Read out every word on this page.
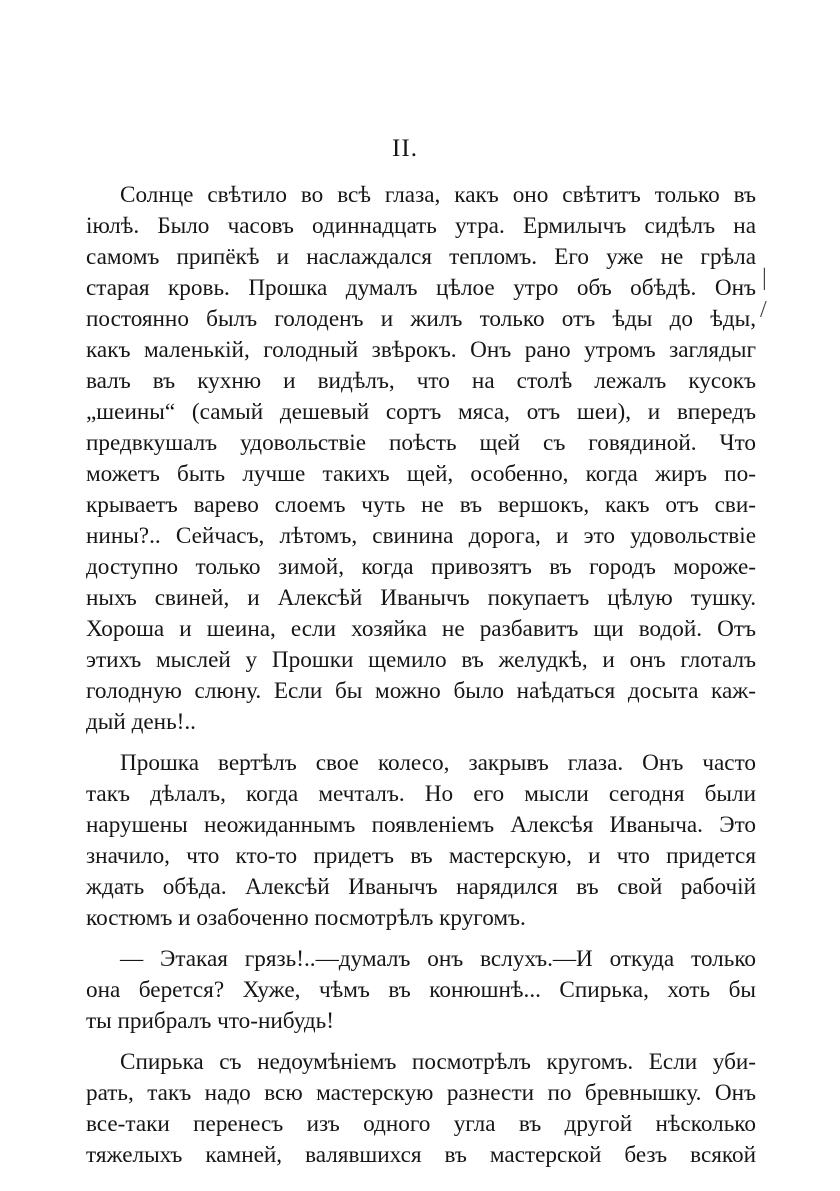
II.
Солнце свѣтило во всѣ глаза, какъ оно свѣтитъ только въ
іюлѣ. Было часовъ одиннадцать утра. Ермилычъ сидѣлъ на
самомъ припёкѣ и наслаждался тепломъ. Его уже не грѣла
старая кровь. Прошка думалъ цѣлое утро объ обѣдѣ. Онъ
постоянно былъ голоденъ и жилъ только отъ ѣды до ѣды,
какъ маленькій, голодный звѣрокъ. Онъ рано утромъ заглядыг
валъ въ кухню и видѣлъ, что на столѣ лежалъ кусокъ
„шеины“ (самый дешевый сортъ мяса, отъ шеи), и впередъ
предвкушалъ удовольствіе поѣсть щей съ говядиной. Что
можетъ быть лучше такихъ щей, особенно, когда жиръ по-
крываетъ варево слоемъ чуть не въ вершокъ, какъ отъ сви-
нины?.. Сейчасъ, лѣтомъ, свинина дорога, и это удовольствіе
доступно только зимой, когда привозятъ въ городъ мороже-
ныхъ свиней, и Алексѣй Иванычъ покупаетъ цѣлую тушку.
Хороша и шеина, если хозяйка не разбавитъ щи водой. Отъ
этихъ мыслей у Прошки щемило въ желудкѣ, и онъ глоталъ
голодную слюну. Если бы можно было наѣдаться досыта каж-
дый день!..
Прошка вертѣлъ свое колесо, закрывъ глаза. Онъ часто
такъ дѣлалъ, когда мечталъ. Но его мысли сегодня были
нарушены неожиданнымъ появленіемъ Алексѣя Иваныча. Это
значило, что кто-то придетъ въ мастерскую, и что придется
ждать обѣда. Алексѣй Иванычъ нарядился въ свой рабочій
костюмъ и озабоченно посмотрѣлъ кругомъ.
— Этакая грязь!..—думалъ онъ вслухъ.—И откуда только
она берется? Хуже, чѣмъ въ конюшнѣ... Спирька, хоть бы
ты прибралъ что-нибудь!
Спирька съ недоумѣніемъ посмотрѣлъ кругомъ. Если уби-
рать, такъ надо всю мастерскую разнести по бревнышку. Онъ
все-таки перенесъ изъ одного угла въ другой нѣсколько
тяжелыхъ камней, валявшихся въ мастерской безъ всякой
|
/
